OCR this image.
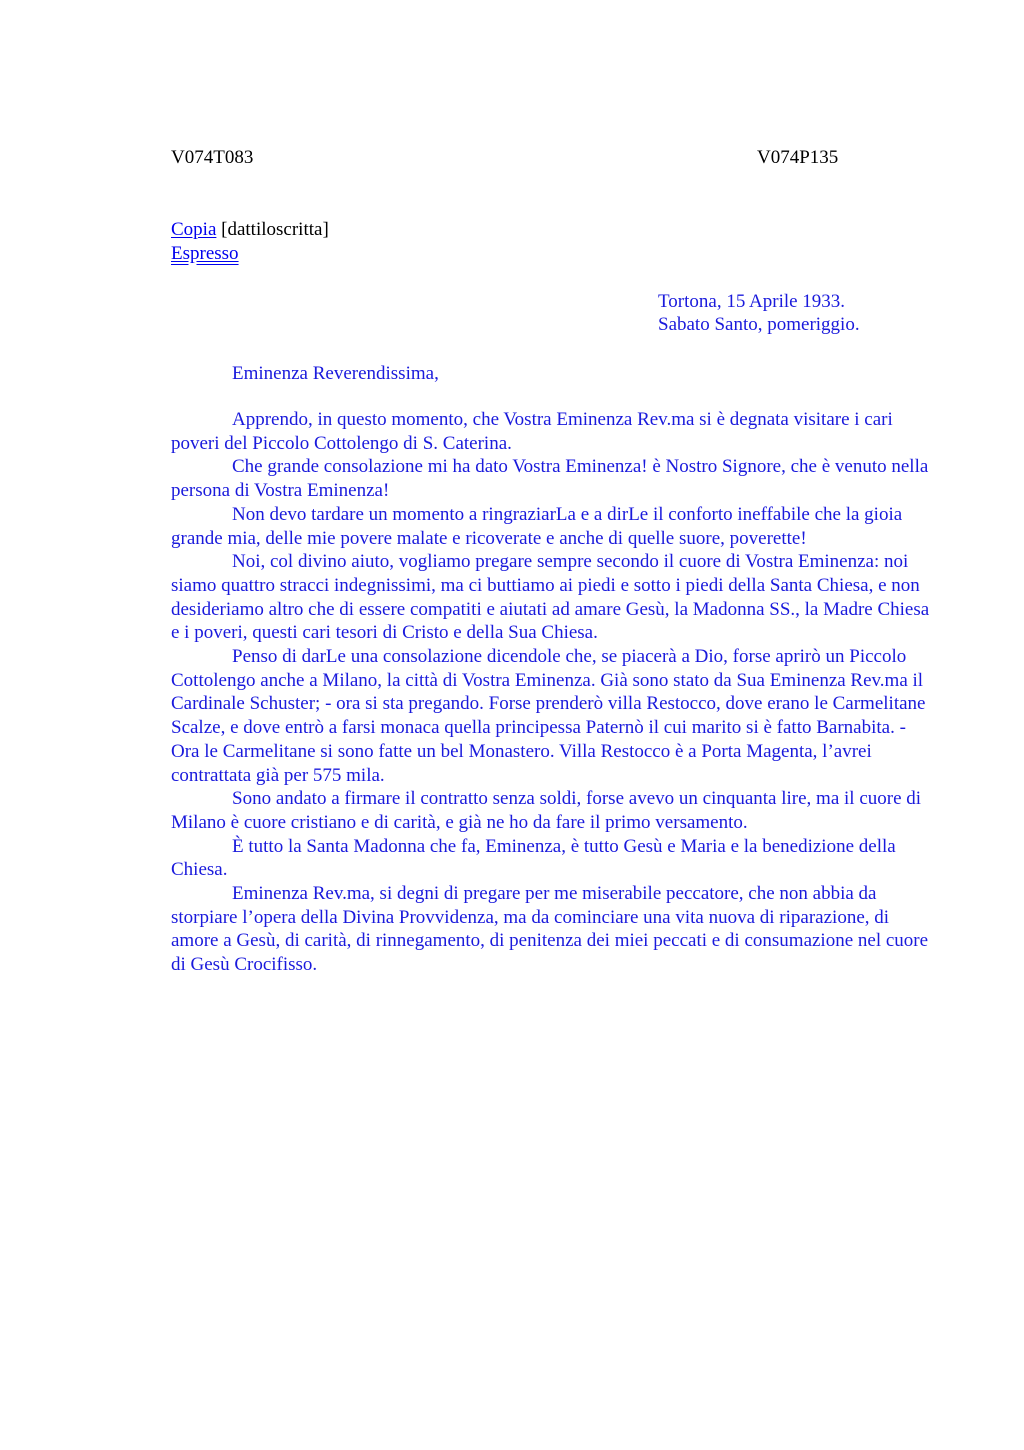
V074T083	V074P135
Copia [dattiloscritta]
Espresso
Tortona, 15 Aprile 1933.
Sabato Santo, pomeriggio.
Eminenza Reverendissima,

Apprendo, in questo momento, che Vostra Eminenza Rev.ma si è degnata visitare i cari poveri del Piccolo Cottolengo di S. Caterina.

Che grande consolazione mi ha dato Vostra Eminenza! è Nostro Signore, che è venuto nella persona di Vostra Eminenza!

Non devo tardare un momento a ringraziarLa e a dirLe il conforto ineffabile che la gioia grande mia, delle mie povere malate e ricoverate e anche di quelle suore, poverette!

Noi, col divino aiuto, vogliamo pregare sempre secondo il cuore di Vostra Eminenza: noi siamo quattro stracci indegnissimi, ma ci buttiamo ai piedi e sotto i piedi della Santa Chiesa, e non desideriamo altro che di essere compatiti e aiutati ad amare Gesù, la Madonna SS., la Madre Chiesa e i poveri, questi cari tesori di Cristo e della Sua Chiesa.

Penso di darLe una consolazione dicendole che, se piacerà a Dio, forse aprirò un Piccolo Cottolengo anche a Milano, la città di Vostra Eminenza. Già sono stato da Sua Eminenza Rev.ma il Cardinale Schuster; - ora si sta pregando. Forse prenderò villa Restocco, dove erano le Carmelitane Scalze, e dove entrò a farsi monaca quella principessa Paternò il cui marito si è fatto Barnabita. - Ora le Carmelitane si sono fatte un bel Monastero. Villa Restocco è a Porta Magenta, l’avrei contrattata già per 575 mila.

Sono andato a firmare il contratto senza soldi, forse avevo un cinquanta lire, ma il cuore di Milano è cuore cristiano e di carità, e già ne ho da fare il primo versamento.

È tutto la Santa Madonna che fa, Eminenza, è tutto Gesù e Maria e la benedizione della Chiesa.

Eminenza Rev.ma, si degni di pregare per me miserabile peccatore, che non abbia da storpiare l’opera della Divina Provvidenza, ma da cominciare una vita nuova di riparazione, di amore a Gesù, di carità, di rinnegamento, di penitenza dei miei peccati e di consumazione nel cuore di Gesù Crocifisso.
